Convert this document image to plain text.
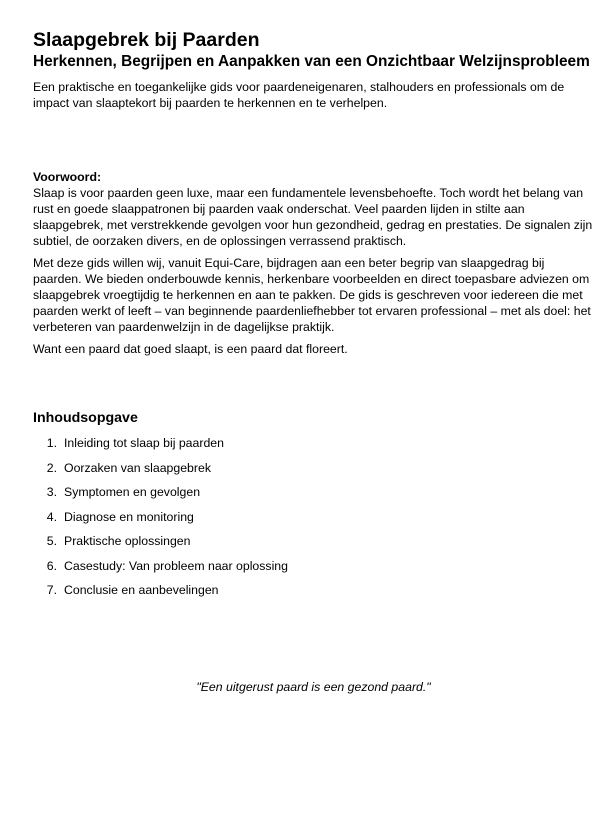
Slaapgebrek bij Paarden
Herkennen, Begrijpen en Aanpakken van een Onzichtbaar Welzijnsprobleem

Een praktische en toegankelijke gids voor paardeneigenaren, stalhouders en professionals om de impact van slaaptekort bij paarden te herkennen en te verhelpen.

Voorwoord:
Slaap is voor paarden geen luxe, maar een fundamentele levensbehoefte. Toch wordt het belang van rust en goede slaappatronen bij paarden vaak onderschat. Veel paarden lijden in stilte aan slaapgebrek, met verstrekkende gevolgen voor hun gezondheid, gedrag en prestaties. De signalen zijn subtiel, de oorzaken divers, en de oplossingen verrassend praktisch.

Met deze gids willen wij, vanuit Equi-Care, bijdragen aan een beter begrip van slaapgedrag bij paarden. We bieden onderbouwde kennis, herkenbare voorbeelden en direct toepasbare adviezen om slaapgebrek vroegtijdig te herkennen en aan te pakken. De gids is geschreven voor iedereen die met paarden werkt of leeft – van beginnende paardenliefhebber tot ervaren professional – met als doel: het verbeteren van paardenwelzijn in de dagelijkse praktijk.

Want een paard dat goed slaapt, is een paard dat floreert.

Inhoudsopgave
1. Inleiding tot slaap bij paarden
2. Oorzaken van slaapgebrek
3. Symptomen en gevolgen
4. Diagnose en monitoring
5. Praktische oplossingen
6. Casestudy: Van probleem naar oplossing
7. Conclusie en aanbevelingen

"Een uitgerust paard is een gezond paard."
